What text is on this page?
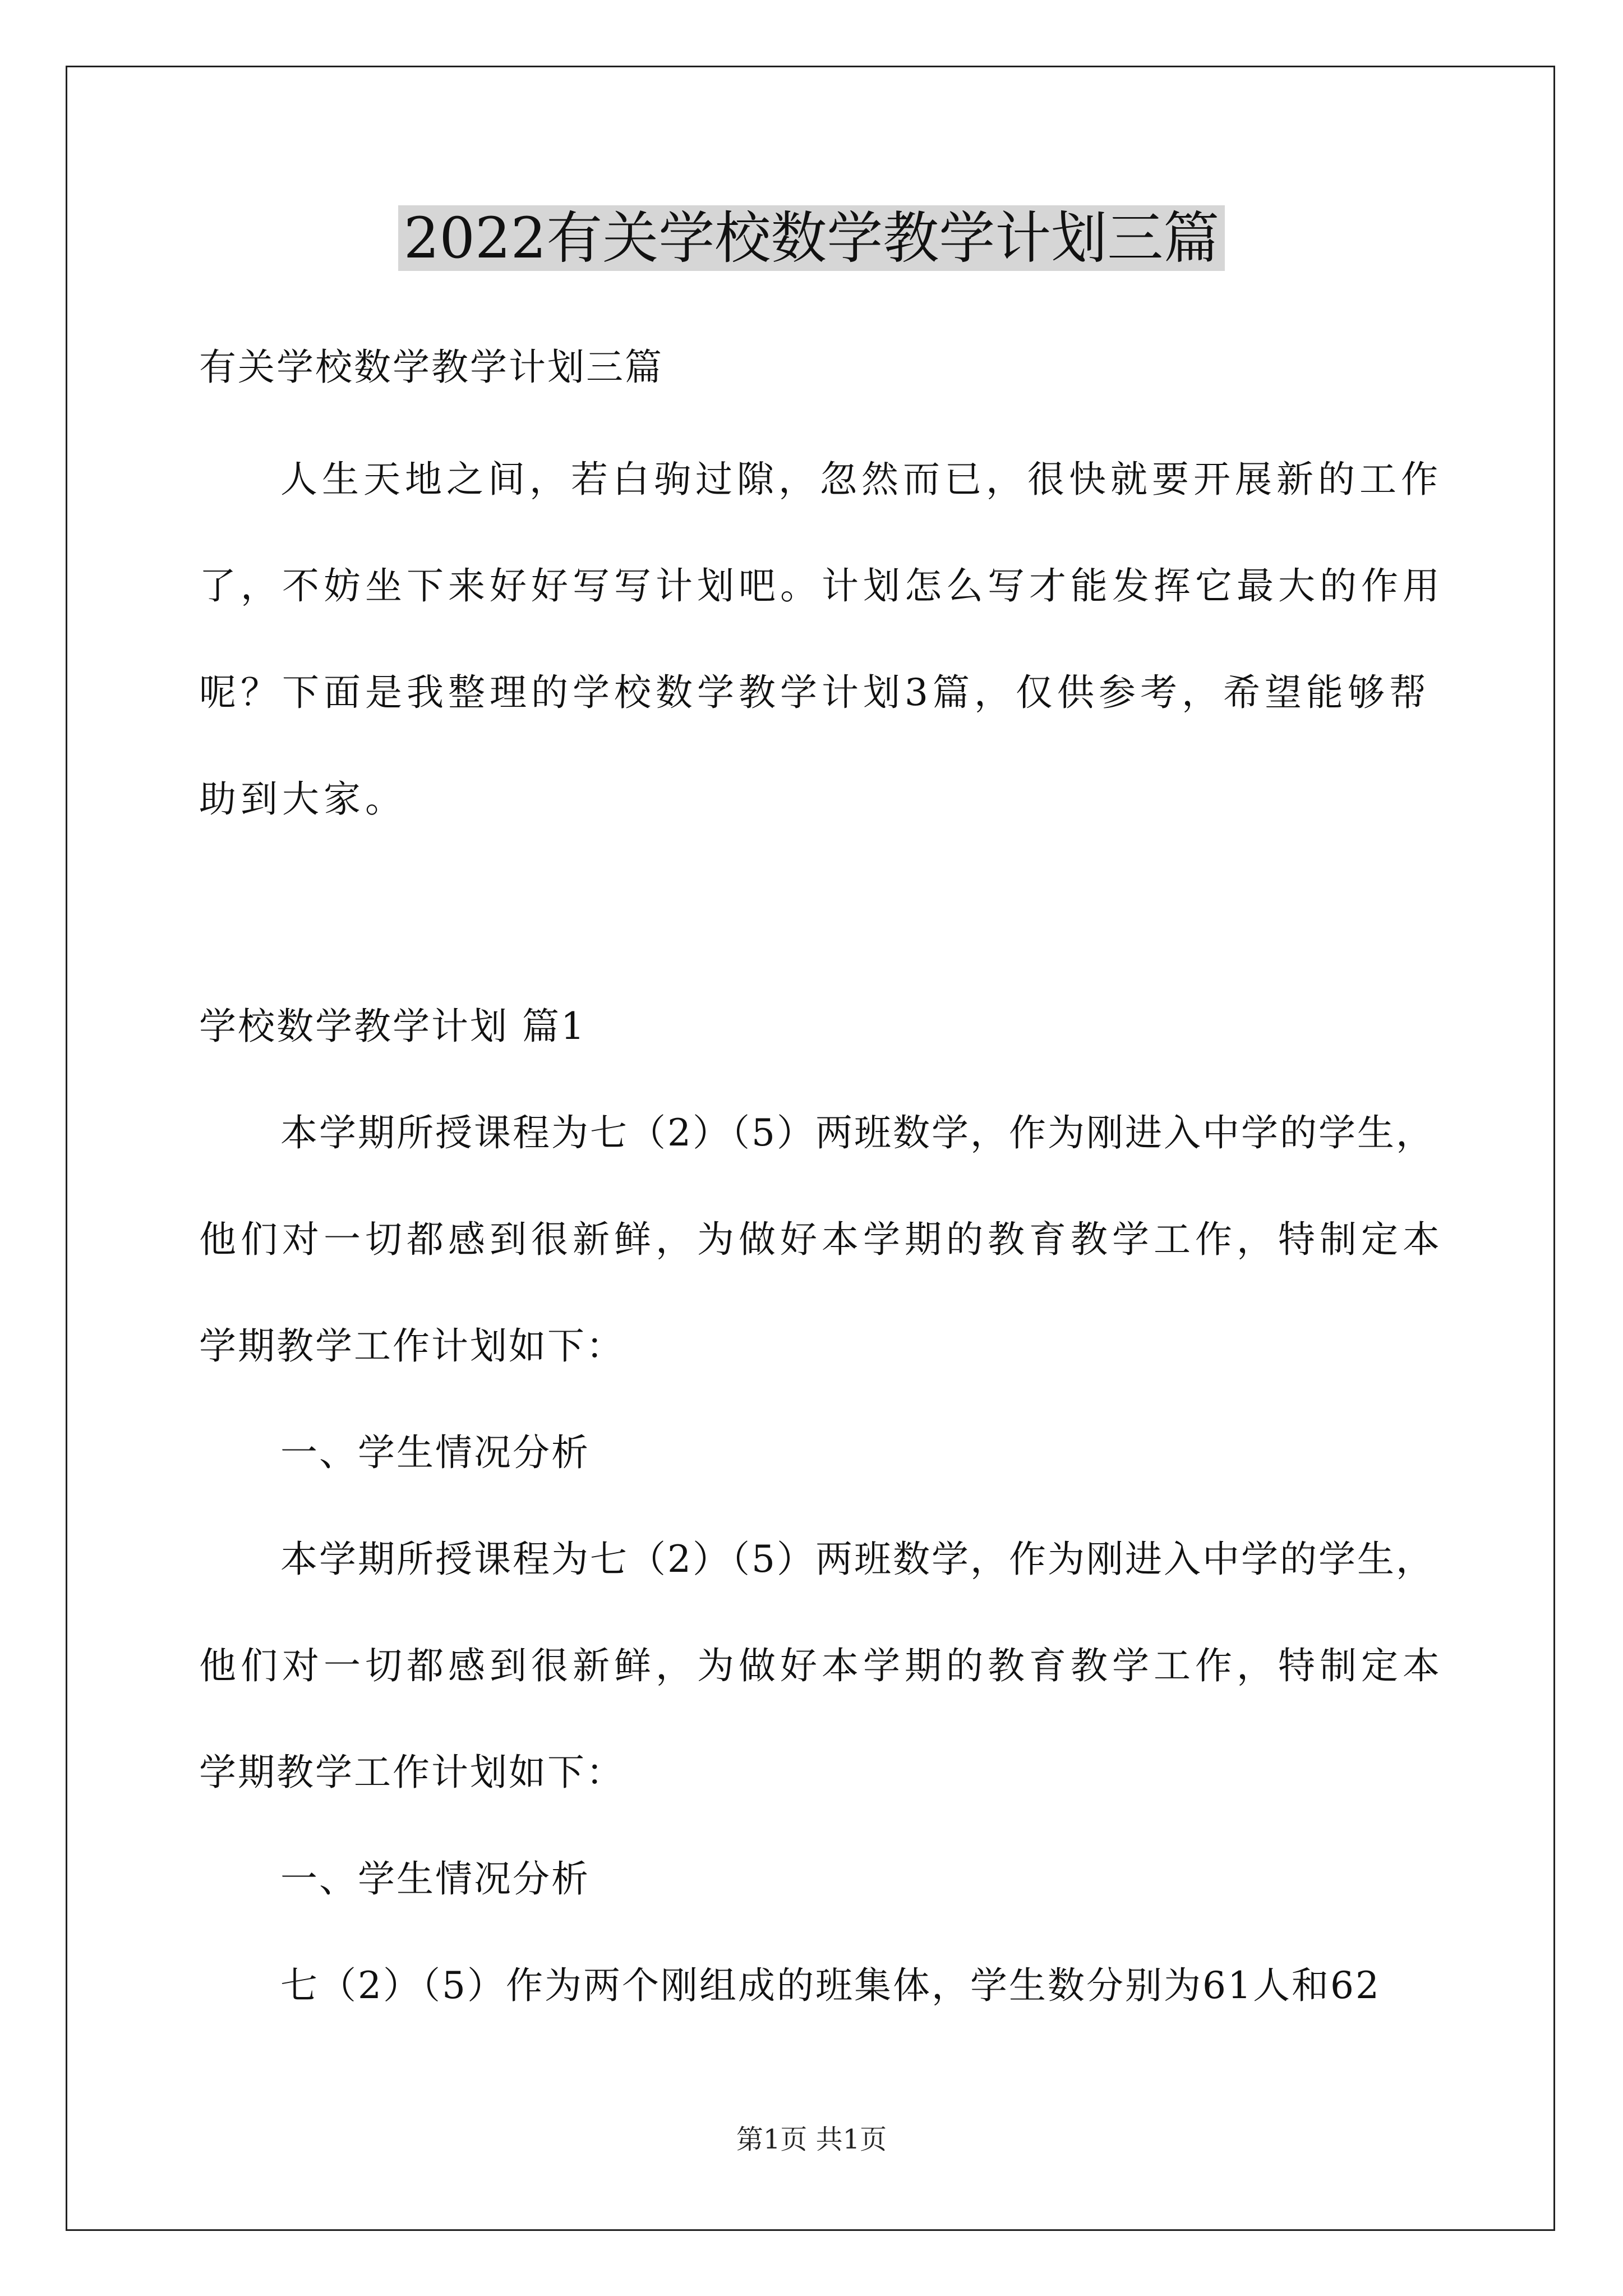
2022有关学校数学教学计划三篇

有关学校数学教学计划三篇

人生天地之间，若白驹过隙，忽然而已，很快就要开展新的工作

了，不妨坐下来好好写写计划吧。计划怎么写才能发挥它最大的作用

呢？下面是我整理的学校数学教学计划3篇，仅供参考，希望能够帮

助到大家。

学校数学教学计划 篇1

本学期所授课程为七（2）（5）两班数学，作为刚进入中学的学生，

他们对一切都感到很新鲜，为做好本学期的教育教学工作，特制定本

学期教学工作计划如下：

一、学生情况分析

本学期所授课程为七（2）（5）两班数学，作为刚进入中学的学生，

他们对一切都感到很新鲜，为做好本学期的教育教学工作，特制定本

学期教学工作计划如下：

一、学生情况分析

七（2）（5）作为两个刚组成的班集体，学生数分别为61人和62

第1页 共1页
